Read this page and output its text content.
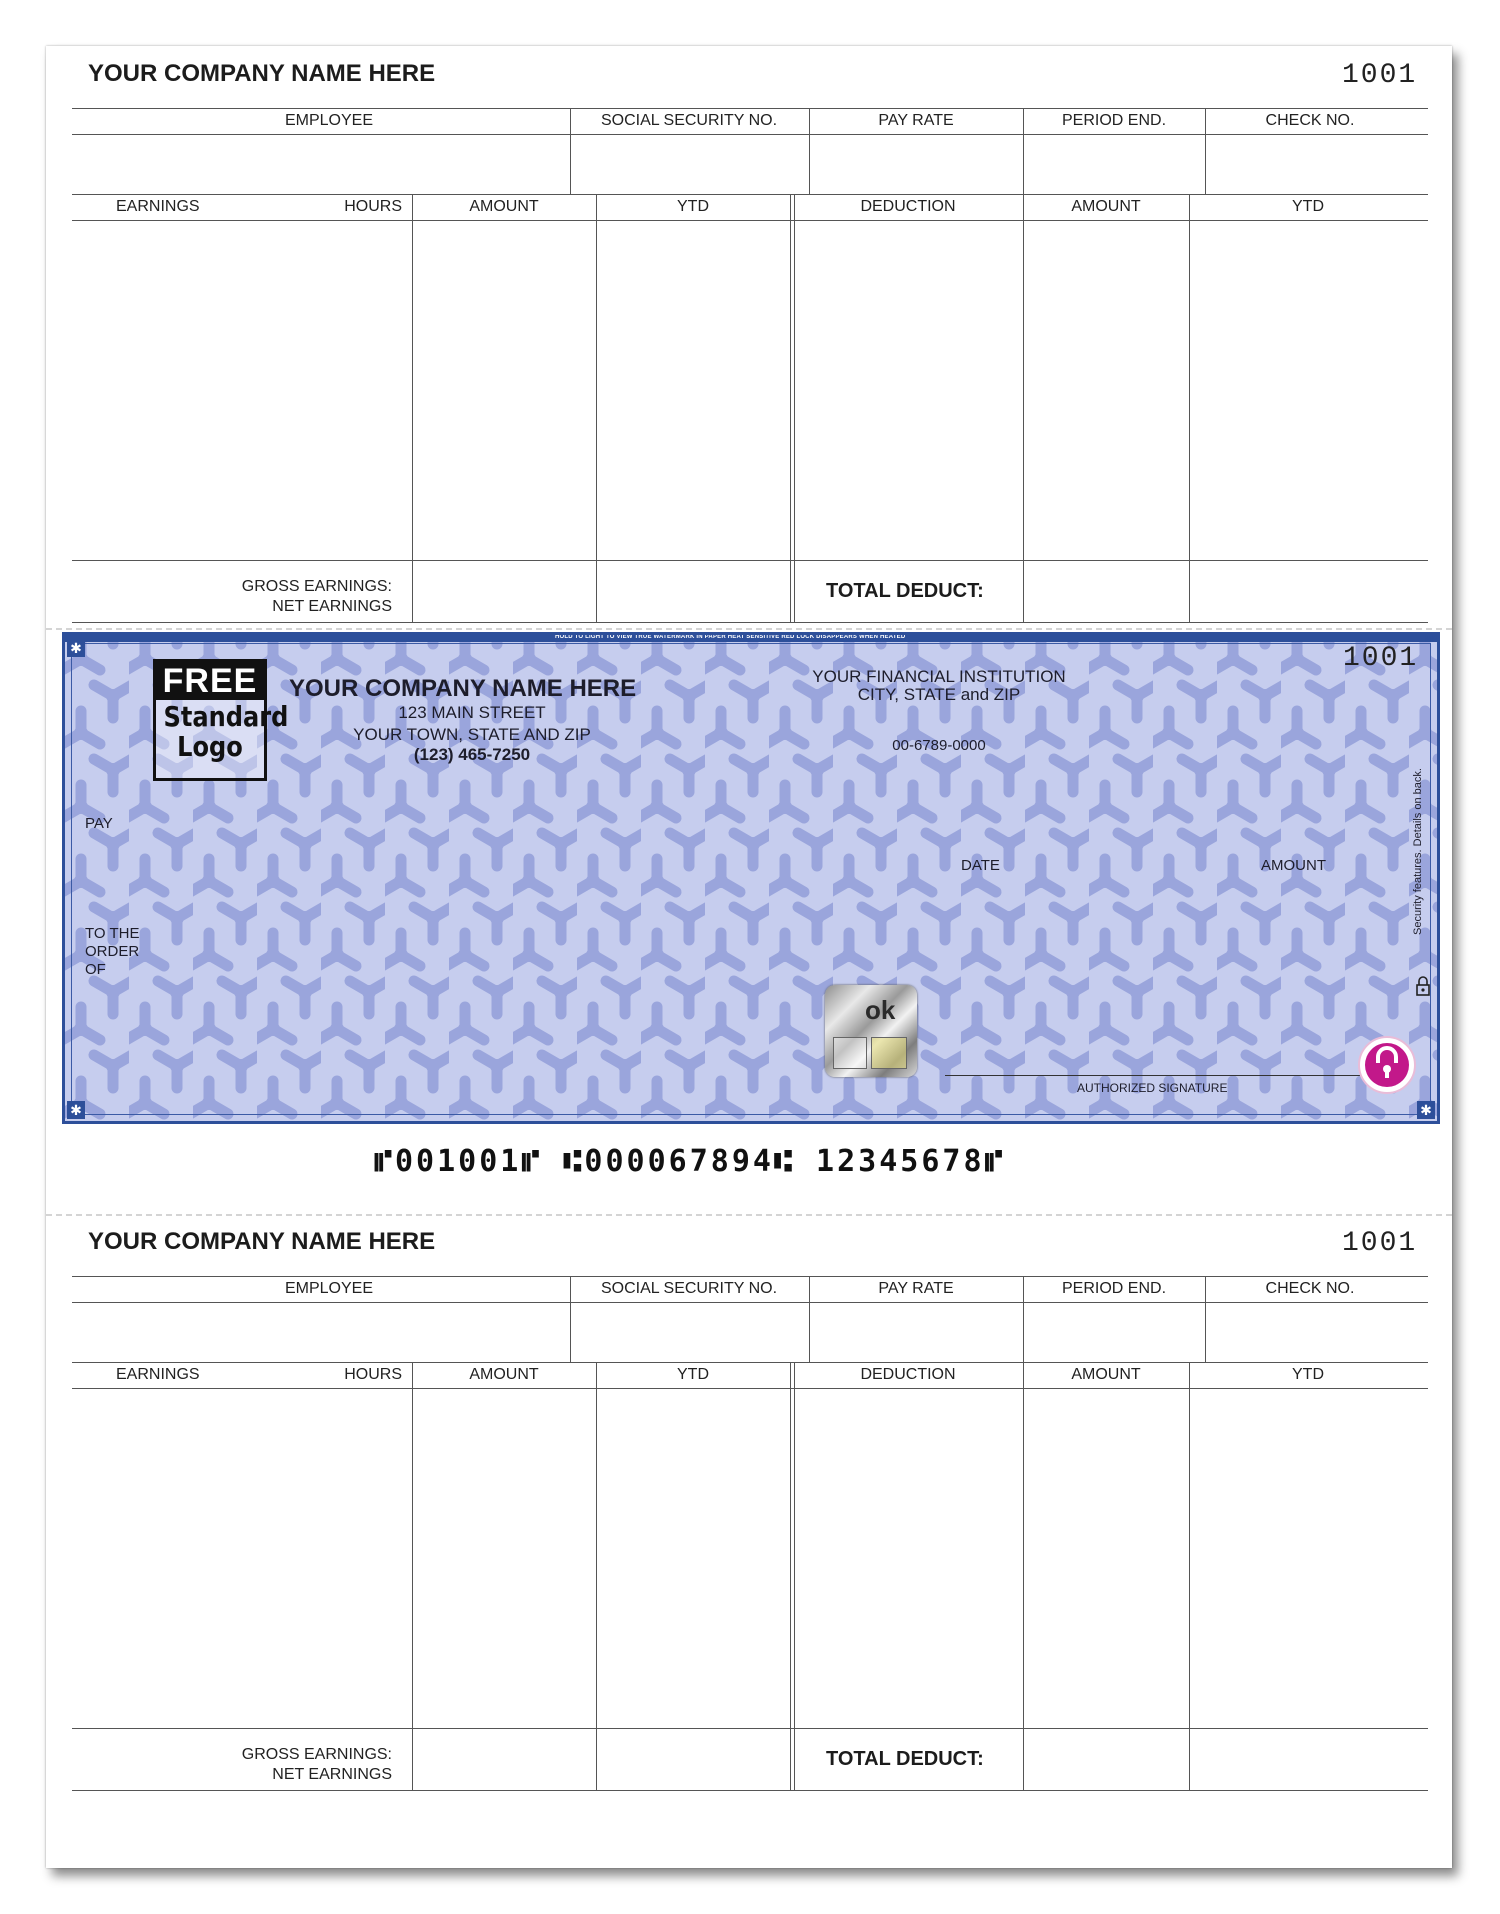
YOUR COMPANY NAME HERE	1001
EMPLOYEE	SOCIAL SECURITY NO.	PAY RATE	PERIOD END.	CHECK NO.
EARNINGS	HOURS	AMOUNT	YTD	DEDUCTION	AMOUNT	YTD
GROSS EARNINGS:
NET EARNINGS
TOTAL DEDUCT:
HOLD TO LIGHT TO VIEW TRUE WATERMARK IN PAPER HEAT SENSITIVE RED LOCK DISAPPEARS WHEN HEATED
✱
✱	✱
MP
1001
FREE
Standard
Logo
YOUR COMPANY NAME HERE
123 MAIN STREET
YOUR TOWN, STATE AND ZIP
(123) 465-7250
YOUR FINANCIAL INSTITUTION
CITY, STATE and ZIP
00-6789-0000
PAY
DATE	AMOUNT
TO THE
ORDER
OF
Security features. Details on back.
ok
AUTHORIZED SIGNATURE
⑈001001⑈ ⑆000067894⑆ 12345678⑈
YOUR COMPANY NAME HERE	1001
EMPLOYEE	SOCIAL SECURITY NO.	PAY RATE	PERIOD END.	CHECK NO.
EARNINGS	HOURS	AMOUNT	YTD	DEDUCTION	AMOUNT	YTD
GROSS EARNINGS:
NET EARNINGS
TOTAL DEDUCT:
